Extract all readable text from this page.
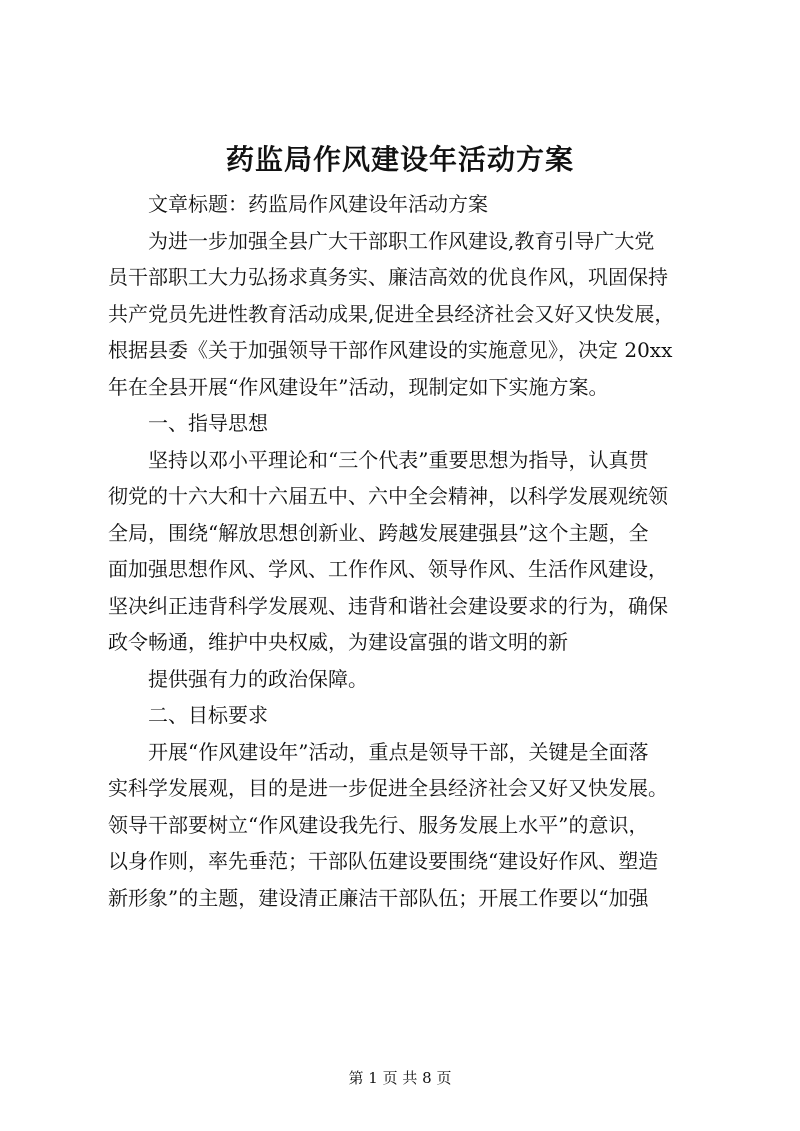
药监局作风建设年活动方案
文章标题：药监局作风建设年活动方案
为进一步加强全县广大干部职工作风建设,教育引导广大党
员干部职工大力弘扬求真务实、廉洁高效的优良作风，巩固保持
共产党员先进性教育活动成果,促进全县经济社会又好又快发展，
根据县委《关于加强领导干部作风建设的实施意见》，决定 20xx
年在全县开展“作风建设年”活动，现制定如下实施方案。
一、指导思想
坚持以邓小平理论和“三个代表”重要思想为指导，认真贯
彻党的十六大和十六届五中、六中全会精神，以科学发展观统领
全局，围绕“解放思想创新业、跨越发展建强县”这个主题，全
面加强思想作风、学风、工作作风、领导作风、生活作风建设，
坚决纠正违背科学发展观、违背和谐社会建设要求的行为，确保
政令畅通，维护中央权威，为建设富强的谐文明的新
提供强有力的政治保障。
二、目标要求
开展“作风建设年”活动，重点是领导干部，关键是全面落
实科学发展观，目的是进一步促进全县经济社会又好又快发展。
领导干部要树立“作风建设我先行、服务发展上水平”的意识，
以身作则，率先垂范；干部队伍建设要围绕“建设好作风、塑造
新形象”的主题，建设清正廉洁干部队伍；开展工作要以“加强
第 1 页 共 8 页
